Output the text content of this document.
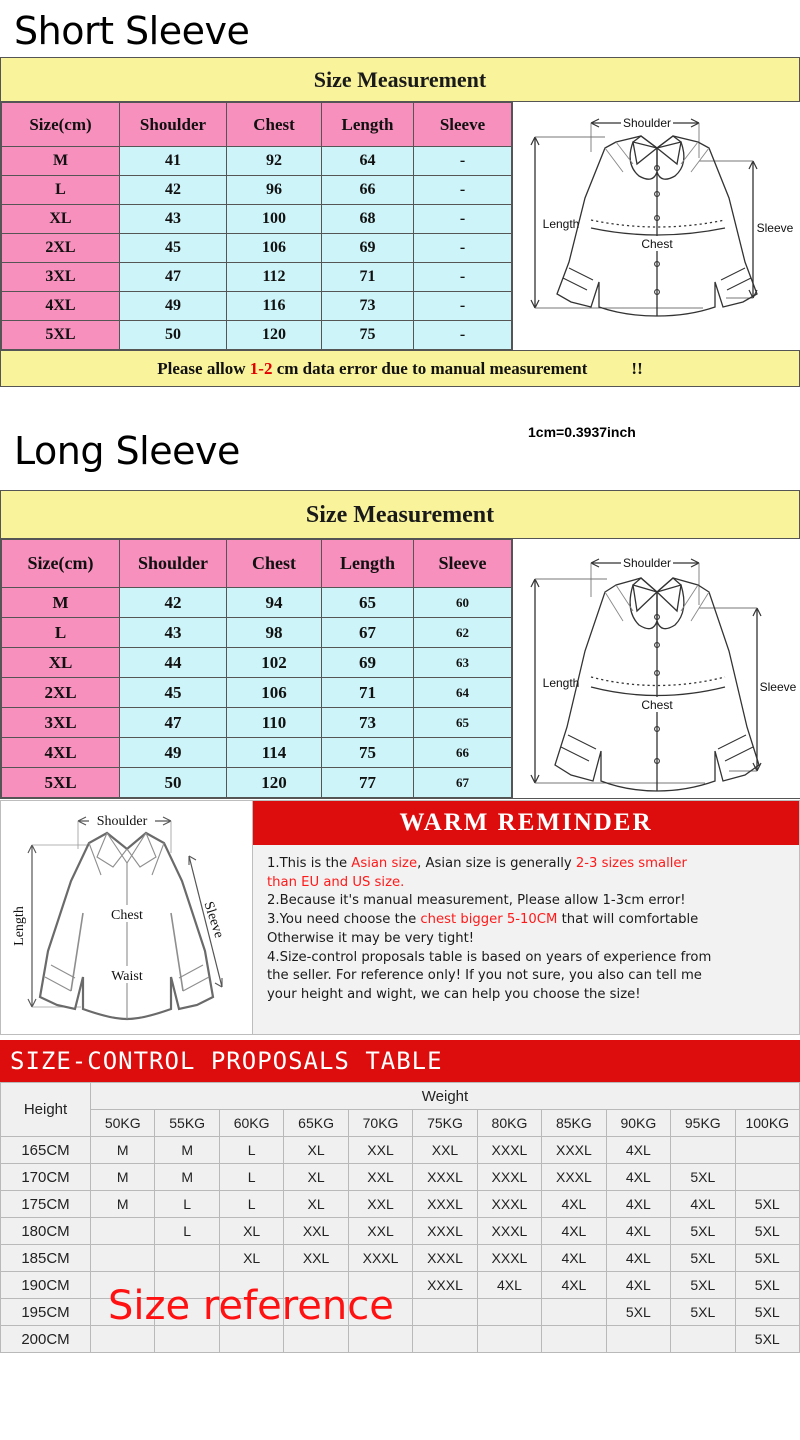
Short Sleeve
Size Measurement
Size(cm)	Shoulder	Chest	Length	Sleeve
M	41	92	64	-
L	42	96	66	-
XL	43	100	68	-
2XL	45	106	69	-
3XL	47	112	71	-
4XL	49	116	73	-
5XL	50	120	75	-
Shoulder
Length
Chest
Sleeve
Please allow 1-2 cm data error due to manual measurement	!!
Long Sleeve	1cm=0.3937inch
Size Measurement
Size(cm)	Shoulder	Chest	Length	Sleeve
M	42	94	65	60
L	43	98	67	62
XL	44	102	69	63
2XL	45	106	71	64
3XL	47	110	73	65
4XL	49	114	75	66
5XL	50	120	77	67
Shoulder
Length
Chest
Sleeve
Shoulder
Chest
Waist
Length	Sleeve
WARM REMINDER
1.This is the Asian size, Asian size is generally 2-3 sizes smaller
than EU and US size.
2.Because it's manual measurement, Please allow 1-3cm error!
3.You need choose the chest bigger 5-10CM that will comfortable
Otherwise it may be very tight!
4.Size-control proposals table is based on years of experience from
the seller. For reference only! If you not sure, you also can tell me
your height and wight, we can help you choose the size!
SIZE-CONTROL PROPOSALS TABLE
Height	Weight										
	50KG	55KG	60KG	65KG	70KG	75KG	80KG	85KG	90KG	95KG	100KG
165CM	M	M	L	XL	XXL	XXL	XXXL	XXXL	4XL		
170CM	M	M	L	XL	XXL	XXXL	XXXL	XXXL	4XL	5XL	
175CM	M	L	L	XL	XXL	XXXL	XXXL	4XL	4XL	4XL	5XL
180CM		L	XL	XXL	XXL	XXXL	XXXL	4XL	4XL	5XL	5XL
185CM			XL	XXL	XXXL	XXXL	XXXL	4XL	4XL	5XL	5XL
190CM						XXXL	4XL	4XL	4XL	5XL	5XL
195CM									5XL	5XL	5XL
200CM											5XL
Size reference
